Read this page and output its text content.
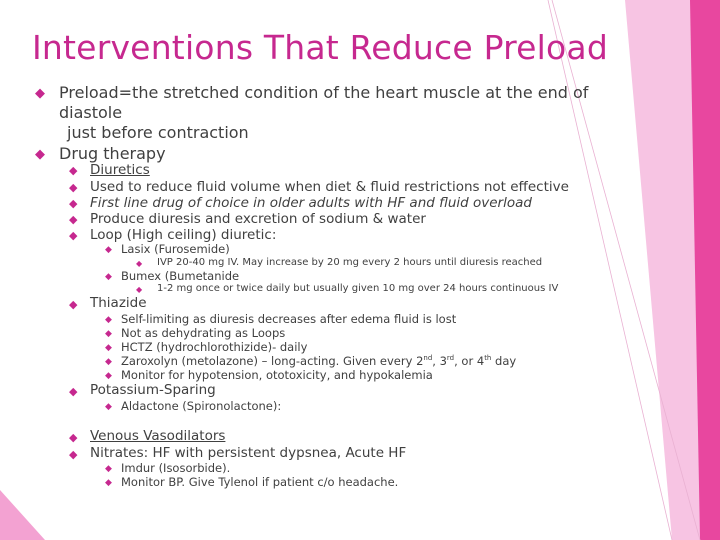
Interventions That Reduce Preload
◆ Preload=the stretched condition of the heart muscle at the end of
diastole
just before contraction
◆ Drug therapy
◆ Diuretics
◆ Used to reduce fluid volume when diet & fluid restrictions not effective
◆ First line drug of choice in older adults with HF and fluid overload
◆ Produce diuresis and excretion of sodium & water
◆ Loop (High ceiling) diuretic:
◆ Lasix (Furosemide)
◆ IVP 20-40 mg IV. May increase by 20 mg every 2 hours until diuresis reached
◆ Bumex (Bumetanide
◆ 1-2 mg once or twice daily but usually given 10 mg over 24 hours continuous IV
◆ Thiazide
◆ Self-limiting as diuresis decreases after edema fluid is lost
◆ Not as dehydrating as Loops
◆ HCTZ (hydrochlorothizide)- daily
◆ Zaroxolyn (metolazone) – long-acting. Given every 2nd, 3rd, or 4th day
◆ Monitor for hypotension, ototoxicity, and hypokalemia
◆ Potassium-Sparing
◆ Aldactone (Spironolactone):
◆ Venous Vasodilators
◆ Nitrates: HF with persistent dypsnea, Acute HF
◆ Imdur (Isosorbide).
◆ Monitor BP. Give Tylenol if patient c/o headache.
